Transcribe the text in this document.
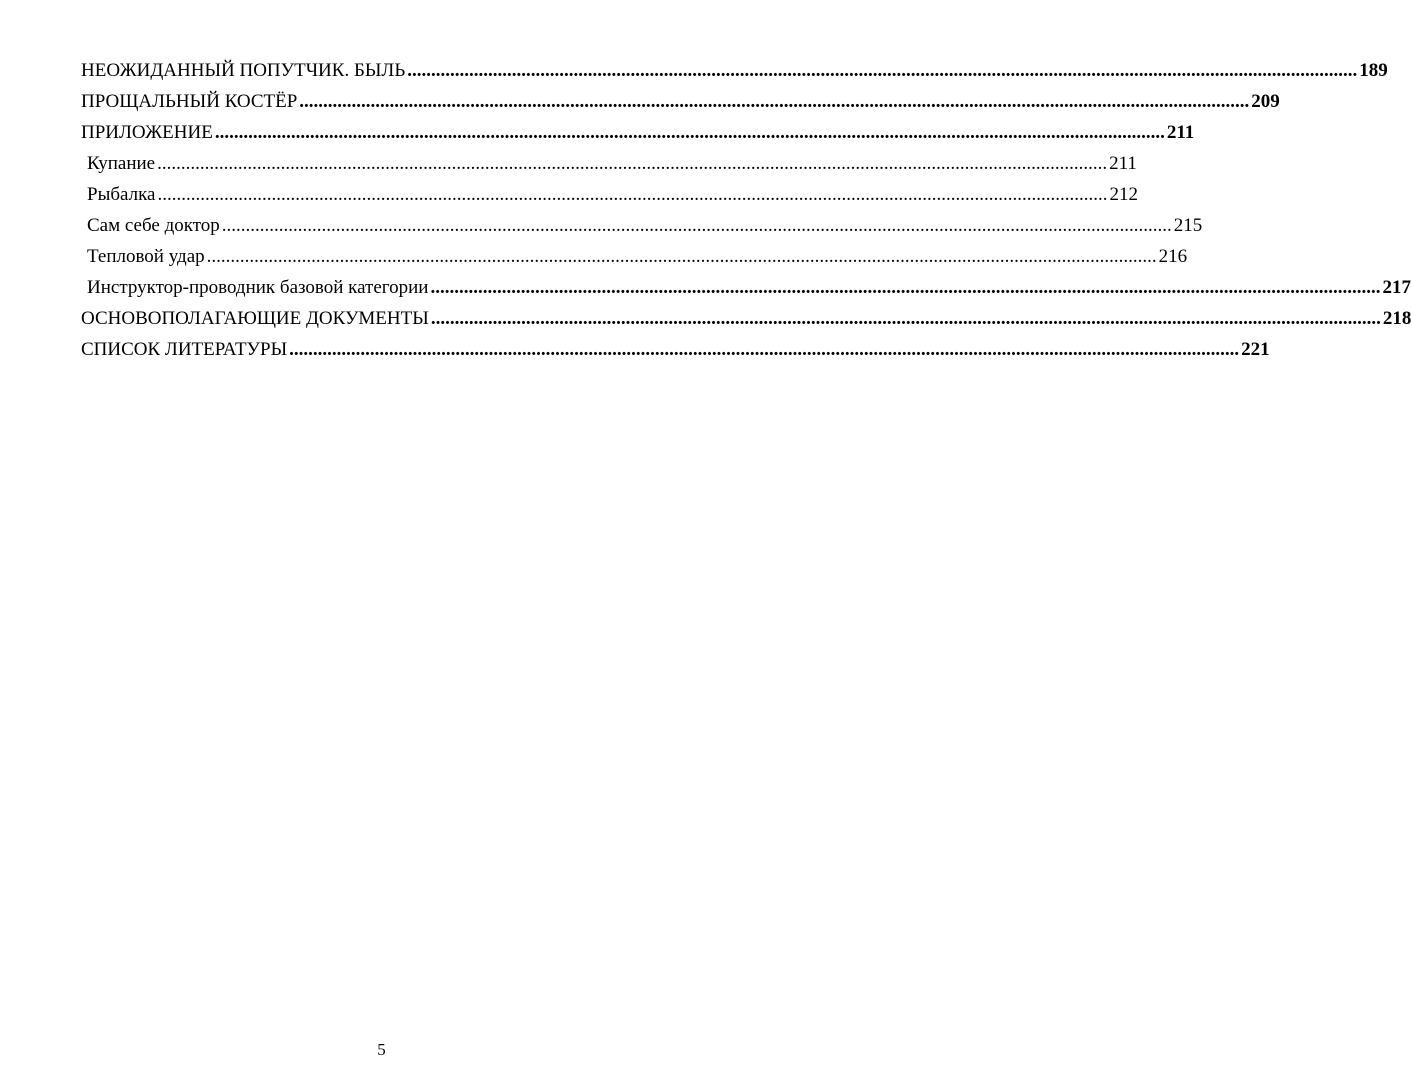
НЕОЖИДАННЫЙ ПОПУТЧИК. БЫЛЬ ........................................................................................................................................................................................................ 189
ПРОЩАЛЬНЫЙ КОСТЁР ........................................................................................................................................................................................................ 209
ПРИЛОЖЕНИЕ ........................................................................................................................................................................................................ 211
Купание ........................................................................................................................................................................................................ 211
Рыбалка ........................................................................................................................................................................................................ 212
Сам себе доктор ........................................................................................................................................................................................................ 215
Тепловой удар ........................................................................................................................................................................................................ 216
Инструктор-проводник базовой категории ........................................................................................................................................................................................................ 217
ОСНОВОПОЛАГАЮЩИЕ ДОКУМЕНТЫ ........................................................................................................................................................................................................ 218
СПИСОК ЛИТЕРАТУРЫ ........................................................................................................................................................................................................ 221
5
